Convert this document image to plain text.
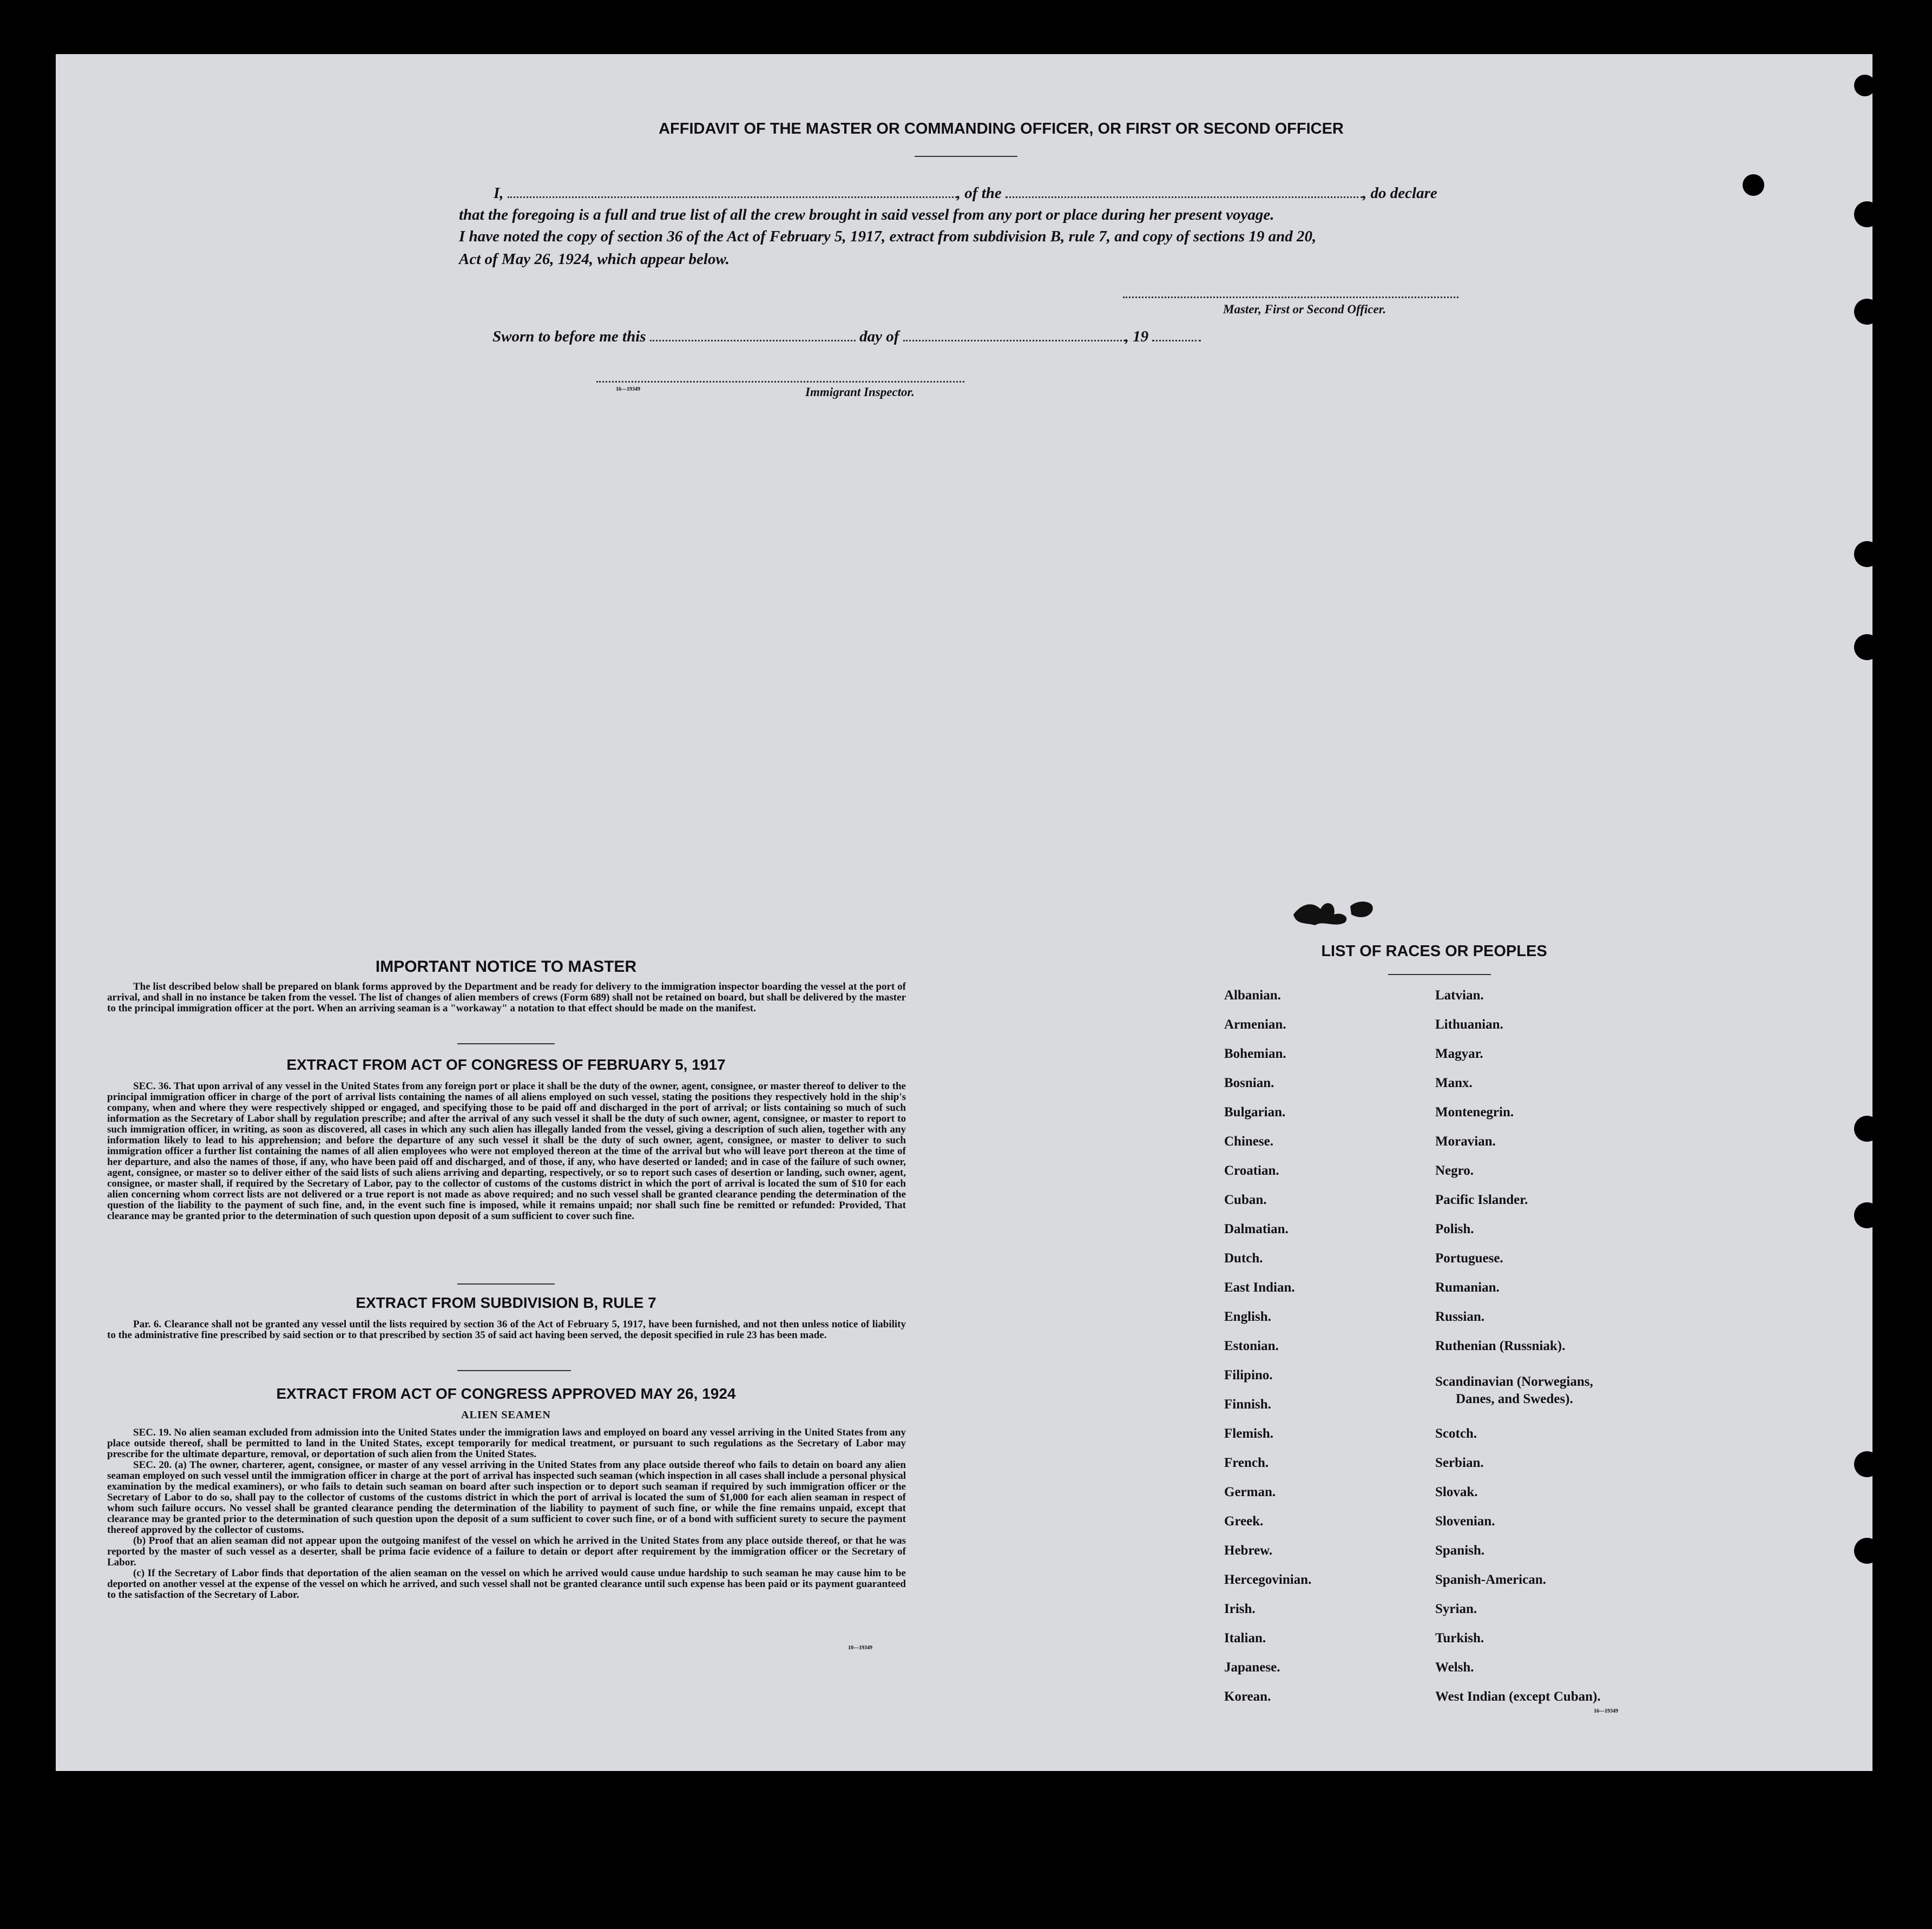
AFFIDAVIT OF THE MASTER OR COMMANDING OFFICER, OR FIRST OR SECOND OFFICER
I,	, of the	, do declare
that the foregoing is a full and true list of all the crew brought in said vessel from any port or place during her present voyage.
I have noted the copy of section 36 of the Act of February 5, 1917, extract from subdivision B, rule 7, and copy of sections 19 and 20,
Act of May 26, 1924, which appear below.
Master, First or Second Officer.
Sworn to before me this	day of	, 19
16—19349	Immigrant Inspector.
IMPORTANT NOTICE TO MASTER
The list described below shall be prepared on blank forms approved by the Department and be ready for delivery to the immigration inspector boarding the vessel at the port of arrival, and shall in no instance be taken from the vessel. The list of changes of alien members of crews (Form 689) shall not be retained on board, but shall be delivered by the master to the principal immigration officer at the port. When an arriving seaman is a "workaway" a notation to that effect should be made on the manifest.
EXTRACT FROM ACT OF CONGRESS OF FEBRUARY 5, 1917
SEC. 36. That upon arrival of any vessel in the United States from any foreign port or place it shall be the duty of the owner, agent, consignee, or master thereof to deliver to the principal immigration officer in charge of the port of arrival lists containing the names of all aliens employed on such vessel, stating the positions they respectively hold in the ship's company, when and where they were respectively shipped or engaged, and specifying those to be paid off and discharged in the port of arrival; or lists containing so much of such information as the Secretary of Labor shall by regulation prescribe; and after the arrival of any such vessel it shall be the duty of such owner, agent, consignee, or master to report to such immigration officer, in writing, as soon as discovered, all cases in which any such alien has illegally landed from the vessel, giving a description of such alien, together with any information likely to lead to his apprehension; and before the departure of any such vessel it shall be the duty of such owner, agent, consignee, or master to deliver to such immigration officer a further list containing the names of all alien employees who were not employed thereon at the time of the arrival but who will leave port thereon at the time of her departure, and also the names of those, if any, who have been paid off and discharged, and of those, if any, who have deserted or landed; and in case of the failure of such owner, agent, consignee, or master so to deliver either of the said lists of such aliens arriving and departing, respectively, or so to report such cases of desertion or landing, such owner, agent, consignee, or master shall, if required by the Secretary of Labor, pay to the collector of customs of the customs district in which the port of arrival is located the sum of $10 for each alien concerning whom correct lists are not delivered or a true report is not made as above required; and no such vessel shall be granted clearance pending the determination of the question of the liability to the payment of such fine, and, in the event such fine is imposed, while it remains unpaid; nor shall such fine be remitted or refunded: Provided, That clearance may be granted prior to the determination of such question upon deposit of a sum sufficient to cover such fine.
EXTRACT FROM SUBDIVISION B, RULE 7
Par. 6. Clearance shall not be granted any vessel until the lists required by section 36 of the Act of February 5, 1917, have been furnished, and not then unless notice of liability to the administrative fine prescribed by said section or to that prescribed by section 35 of said act having been served, the deposit specified in rule 23 has been made.
EXTRACT FROM ACT OF CONGRESS APPROVED MAY 26, 1924
ALIEN SEAMEN
SEC. 19. No alien seaman excluded from admission into the United States under the immigration laws and employed on board any vessel arriving in the United States from any place outside thereof, shall be permitted to land in the United States, except temporarily for medical treatment, or pursuant to such regulations as the Secretary of Labor may prescribe for the ultimate departure, removal, or deportation of such alien from the United States.
SEC. 20. (a) The owner, charterer, agent, consignee, or master of any vessel arriving in the United States from any place outside thereof who fails to detain on board any alien seaman employed on such vessel until the immigration officer in charge at the port of arrival has inspected such seaman (which inspection in all cases shall include a personal physical examination by the medical examiners), or who fails to detain such seaman on board after such inspection or to deport such seaman if required by such immigration officer or the Secretary of Labor to do so, shall pay to the collector of customs of the customs district in which the port of arrival is located the sum of $1,000 for each alien seaman in respect of whom such failure occurs. No vessel shall be granted clearance pending the determination of the liability to payment of such fine, or while the fine remains unpaid, except that clearance may be granted prior to the determination of such question upon the deposit of a sum sufficient to cover such fine, or of a bond with sufficient surety to secure the payment thereof approved by the collector of customs.
(b) Proof that an alien seaman did not appear upon the outgoing manifest of the vessel on which he arrived in the United States from any place outside thereof, or that he was reported by the master of such vessel as a deserter, shall be prima facie evidence of a failure to detain or deport after requirement by the immigration officer or the Secretary of Labor.
(c) If the Secretary of Labor finds that deportation of the alien seaman on the vessel on which he arrived would cause undue hardship to such seaman he may cause him to be deported on another vessel at the expense of the vessel on which he arrived, and such vessel shall not be granted clearance until such expense has been paid or its payment guaranteed to the satisfaction of the Secretary of Labor.
10—19349
LIST OF RACES OR PEOPLES
Albanian.
Armenian.
Bohemian.
Bosnian.
Bulgarian.
Chinese.
Croatian.
Cuban.
Dalmatian.
Dutch.
East Indian.
English.
Estonian.
Filipino.
Finnish.
Flemish.
French.
German.
Greek.
Hebrew.
Hercegovinian.
Irish.
Italian.
Japanese.
Korean.
Latvian.
Lithuanian.
Magyar.
Manx.
Montenegrin.
Moravian.
Negro.
Pacific Islander.
Polish.
Portuguese.
Rumanian.
Russian.
Ruthenian (Russniak).
Scandinavian (Norwegians,
Danes, and Swedes).
Scotch.
Serbian.
Slovak.
Slovenian.
Spanish.
Spanish-American.
Syrian.
Turkish.
Welsh.
West Indian (except Cuban).
16—19349
